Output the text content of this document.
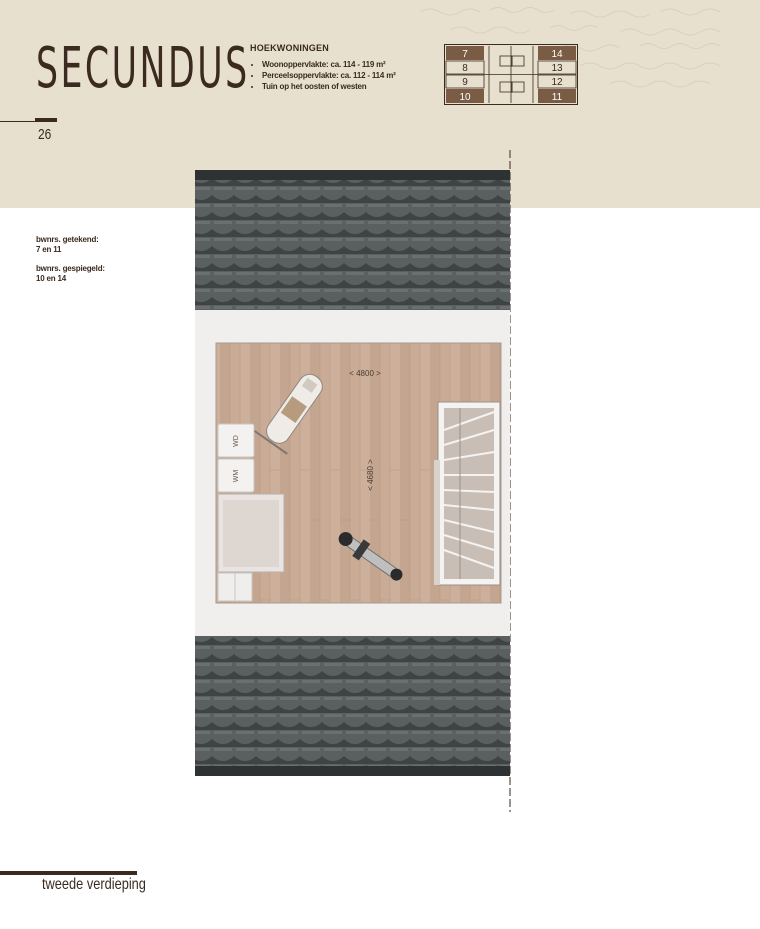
SECUNDUS
26
HOEKWONINGEN
• Woonoppervlakte: ca. 114 - 119 m²
• Perceelsoppervlakte: ca. 112 - 114 m²
• Tuin op het oosten of westen
7
8
9
10
14
13
12
11

bwnrs. getekend:
7 en 11

bwnrs. gespiegeld:
10 en 14

WD
WM
< 4800 >
< 4680 >
tweede verdieping
